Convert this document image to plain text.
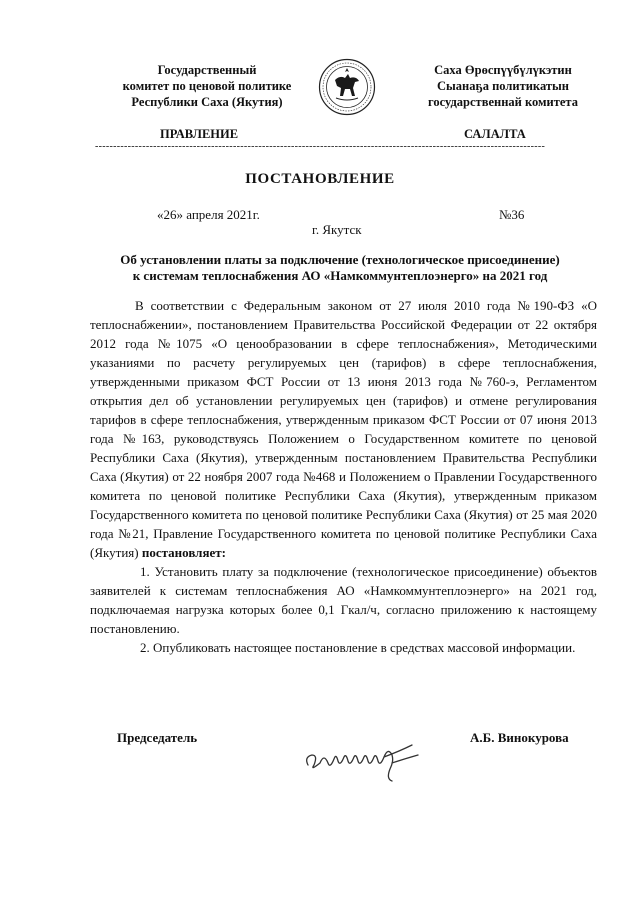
Государственный
комитет по ценовой политике
Республики Саха (Якутия)
Саха Өрөспүүбүлүкэтин
Сыанаҕа политикатын
государственнай комитета
ПРАВЛЕНИЕ	САЛАЛТА
----------------------------------------------------------------------------------------------------------------------------
ПОСТАНОВЛЕНИЕ
«26» апреля 2021г.	№36
г. Якутск
Об установлении платы за подключение (технологическое присоединение)
к системам теплоснабжения АО «Намкоммунтеплоэнерго» на 2021 год

В соответствии с Федеральным законом от 27 июля 2010 года №190-ФЗ «О теплоснабжении», постановлением Правительства Российской Федерации от 22 октября 2012 года №1075 «О ценообразовании в сфере теплоснабжения», Методическими указаниями по расчету регулируемых цен (тарифов) в сфере теплоснабжения, утвержденными приказом ФСТ России от 13 июня 2013 года №760-э, Регламентом открытия дел об установлении регулируемых цен (тарифов) и отмене регулирования тарифов в сфере теплоснабжения, утвержденным приказом ФСТ России от 07 июня 2013 года №163, руководствуясь Положением о Государственном комитете по ценовой Республики Саха (Якутия), утвержденным постановлением Правительства Республики Саха (Якутия) от 22 ноября 2007 года №468 и Положением о Правлении Государственного комитета по ценовой политике Республики Саха (Якутия), утвержденным приказом Государственного комитета по ценовой политике Республики Саха (Якутия) от 25 мая 2020 года №21, Правление Государственного комитета по ценовой политике Республики Саха (Якутия) постановляет:

1. Установить плату за подключение (технологическое присоединение) объектов заявителей к системам теплоснабжения АО «Намкоммунтеплоэнерго» на 2021 год, подключаемая нагрузка которых более 0,1 Гкал/ч, согласно приложению к настоящему постановлению.

2. Опубликовать настоящее постановление в средствах массовой информации.

Председатель	А.Б. Винокурова
